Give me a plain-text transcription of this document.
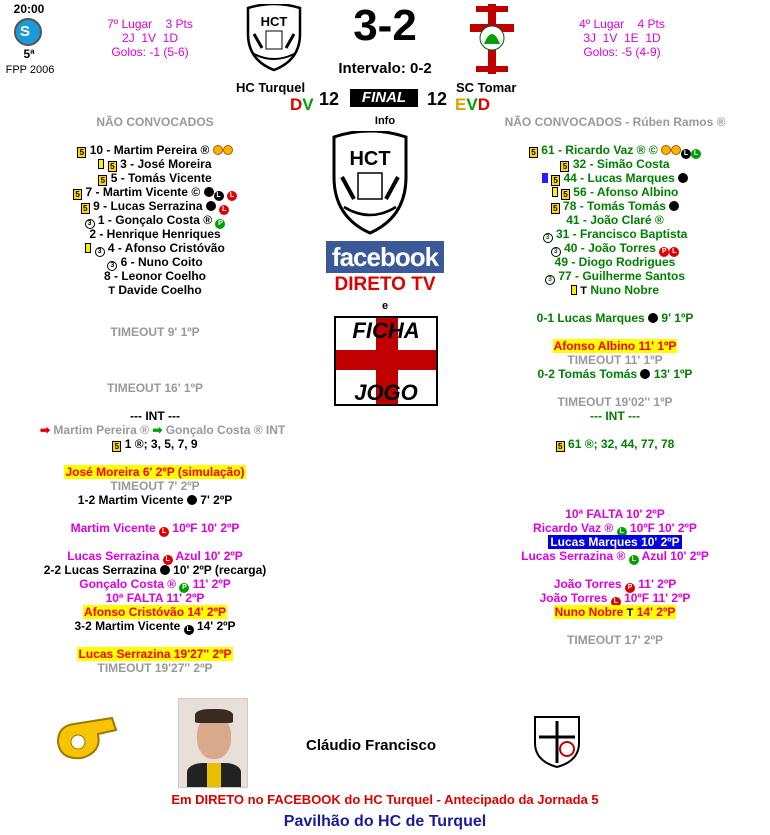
20:00
S
5ª
FPP 2006
7º Lugar    3 Pts
2J  1V  1D
Golos: -1 (5-6)
HCT	3-2
Intervalo: 0-2
4º Lugar    4 Pts
3J  1V  1E  1D
Golos: -5 (4-9)
HC Turquel	SC Tomar
DV 12	FINAL	12 EVD
Info
HCT
facebook
DIRETO TV
e
FICHA
JOGO
NÃO CONVOCADOS
5 10 - Martim Pereira ®
5 3 - José Moreira
5 5 - Tomás Vicente
5 7 - Martim Vicente © L L
5 9 - Lucas Serrazina	L
3 1 - Gonçalo Costa ® P
2 - Henrique Henriques
3 4 - Afonso Cristóvão
3 6 - Nuno Coito
8 - Leonor Coelho
T Davide Coelho
TIMEOUT 9' 1ºP
TIMEOUT 16' 1ºP
--- INT ---
➡ Martim Pereira ® ➡ Gonçalo Costa ® INT
5 1 ®; 3, 5, 7, 9
José Moreira 6' 2ºP (simulação)
TIMEOUT 7' 2ºP
1-2 Martim Vicente 7' 2ºP
Martim Vicente L 10ºF 10' 2ºP
Lucas Serrazina L Azul 10' 2ºP
2-2 Lucas Serrazina 10' 2ºP (recarga)
Gonçalo Costa ® P 11' 2ºP
10ª FALTA 11' 2ºP
Afonso Cristóvão 14' 2ºP
3-2 Martim Vicente L 14' 2ºP
Lucas Serrazina 19'27'' 2ºP
TIMEOUT 19'27'' 2ºP
NÃO CONVOCADOS - Rúben Ramos ®
5 61 - Ricardo Vaz ® ©	L L
5 32 - Simão Costa
5 44 - Lucas Marques
5 56 - Afonso Albino
5 78 - Tomás Tomás
41 - João Claré ®
3 31 - Francisco Baptista
3 40 - João Torres P L
49 - Diogo Rodrigues
3 77 - Guilherme Santos
T Nuno Nobre
0-1 Lucas Marques 9' 1ºP
Afonso Albino 11' 1ºP
TIMEOUT 11' 1ºP
0-2 Tomás Tomás 13' 1ºP
TIMEOUT 19'02'' 1ºP
--- INT ---
5 61 ®; 32, 44, 77, 78
10ª FALTA 10' 2ºP
Ricardo Vaz ® L 10ºF 10' 2ºP
Lucas Marques 10' 2ºP
Lucas Serrazina ® L Azul 10' 2ºP
João Torres P 11' 2ºP
João Torres L 10ºF 11' 2ºP
Nuno Nobre T 14' 2ºP
TIMEOUT 17' 2ºP
Cláudio Francisco
Em DIRETO no FACEBOOK do HC Turquel - Antecipado da Jornada 5
Pavilhão do HC de Turquel
